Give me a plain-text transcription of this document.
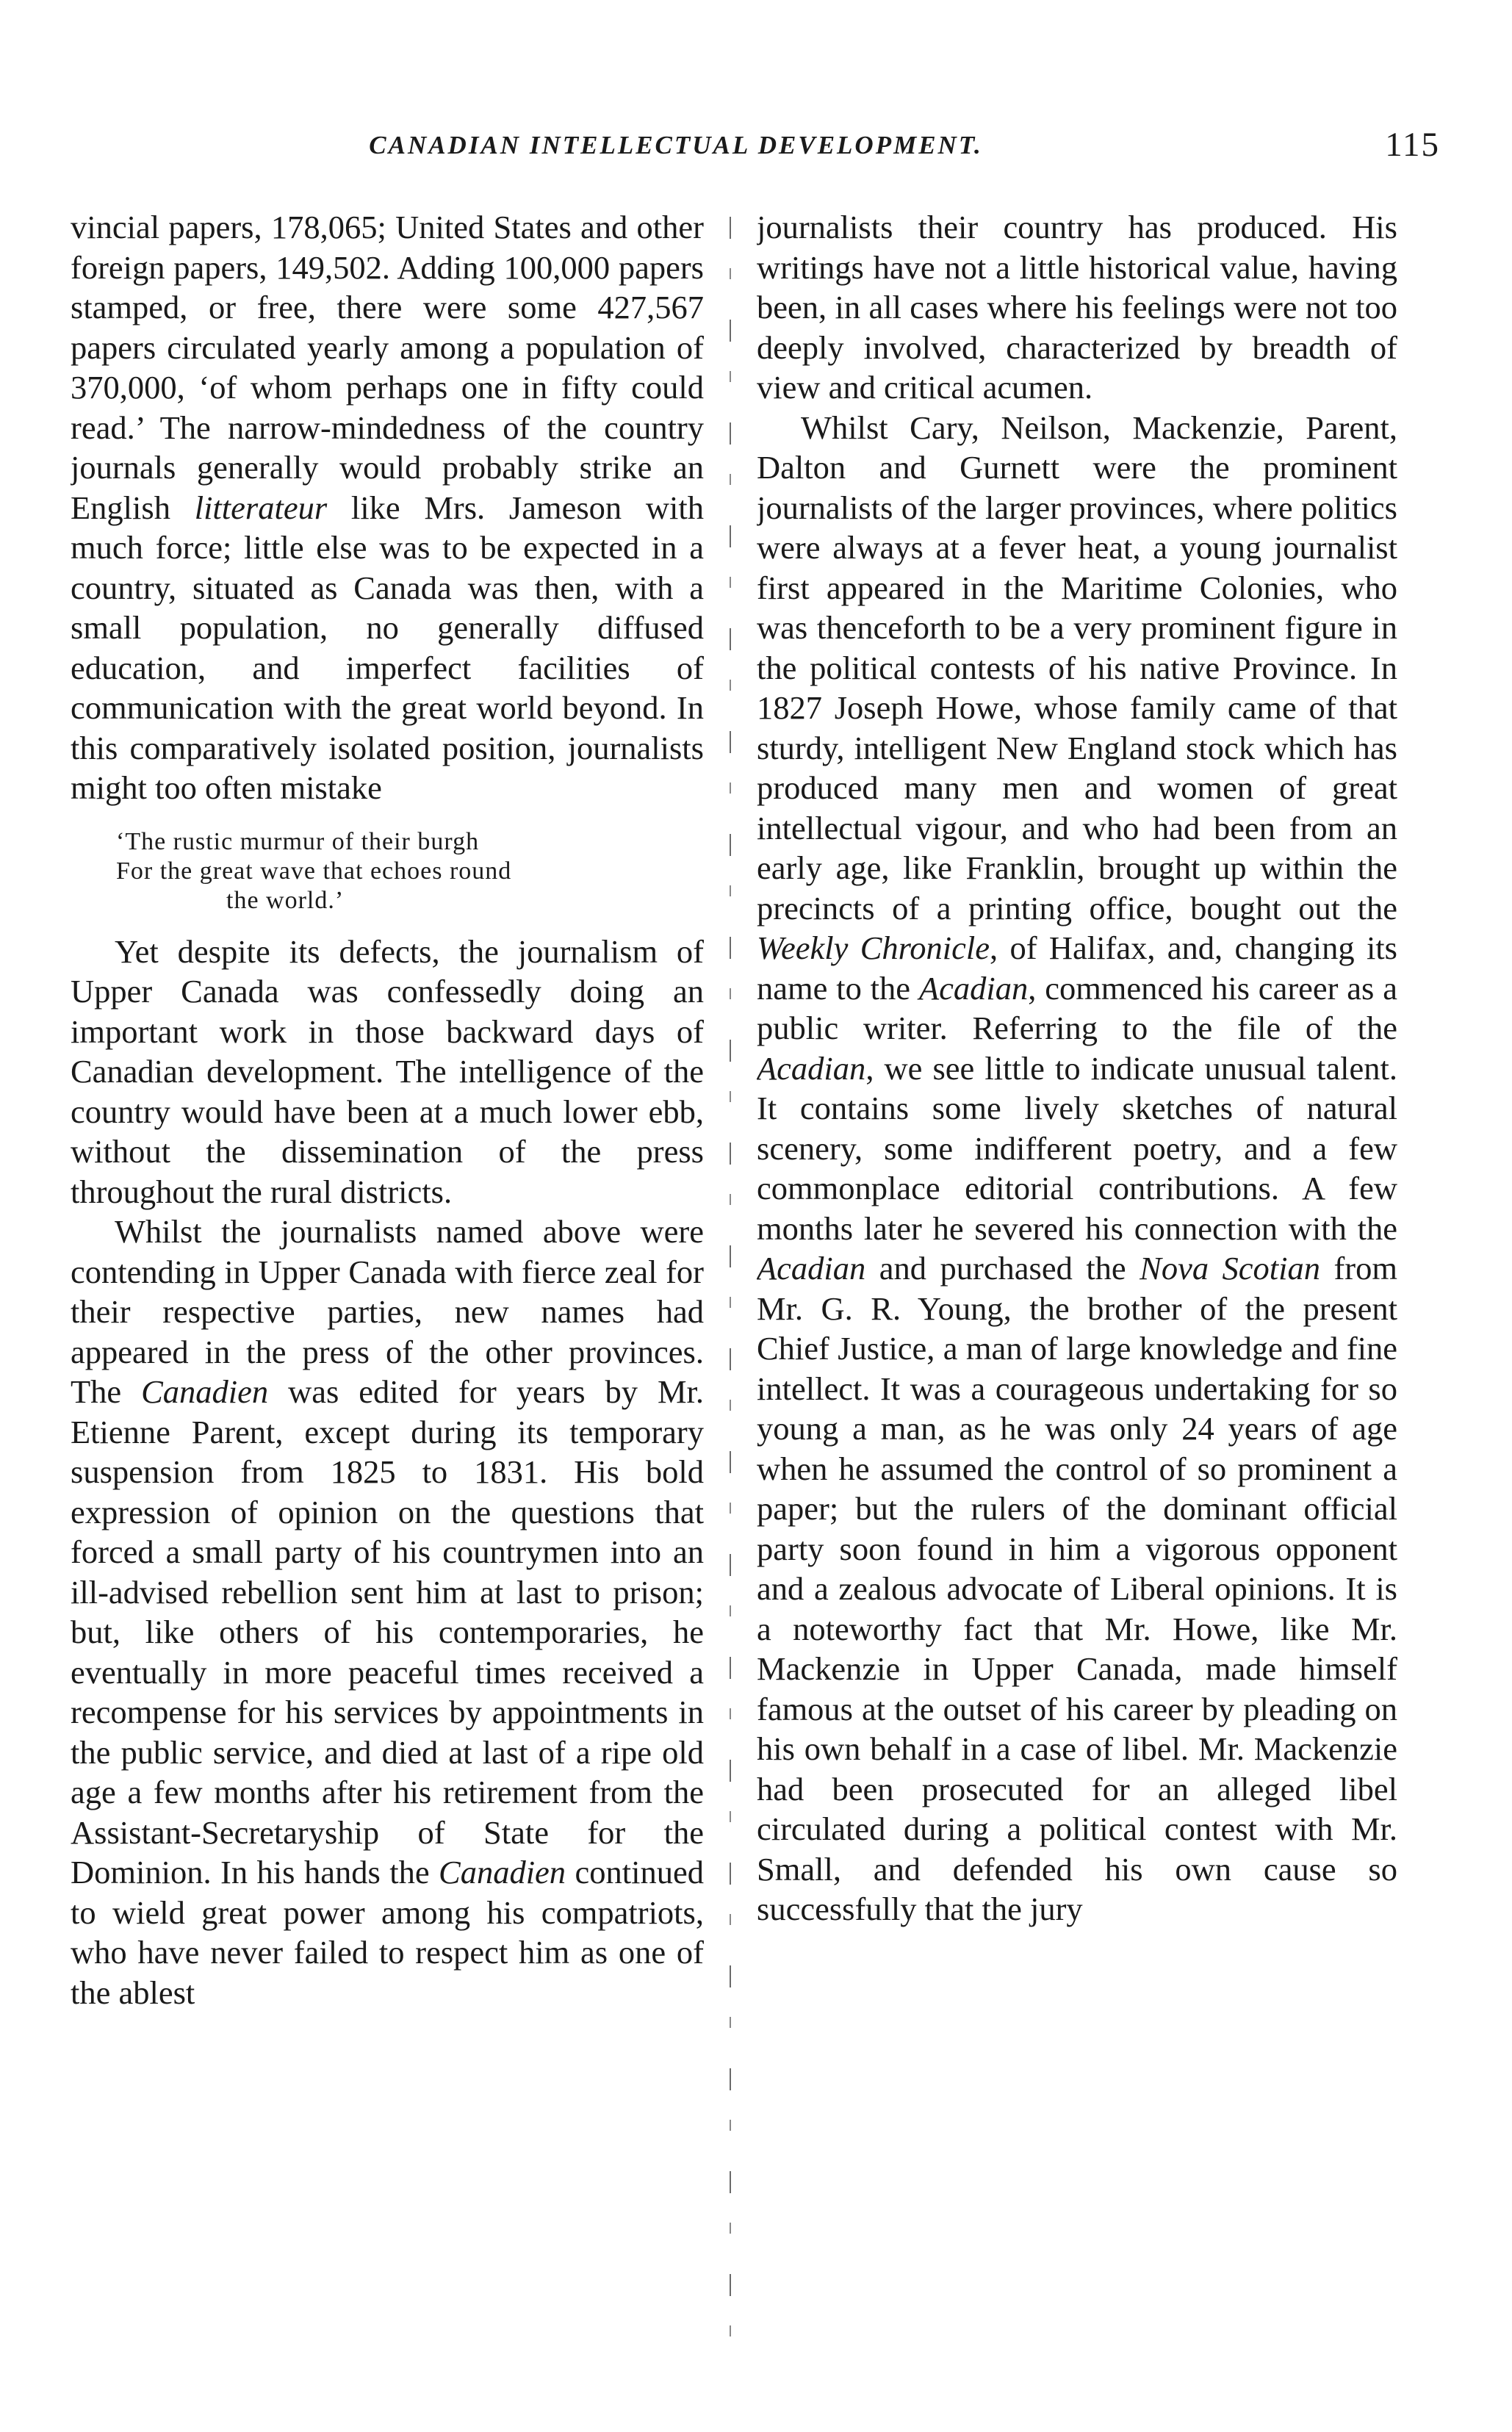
CANADIAN INTELLECTUAL DEVELOPMENT.	115

vincial papers, 178,065; United States and other foreign papers, 149,502. Adding 100,000 papers stamped, or free, there were some 427,567 papers circulated yearly among a population of 370,000, ‘of whom perhaps one in fifty could read.’ The narrow-mindedness of the country journals generally would probably strike an English litterateur like Mrs. Jameson with much force; little else was to be expected in a country, situated as Canada was then, with a small population, no generally diffused education, and imperfect facilities of communication with the great world beyond. In this comparatively isolated position, journalists might too often mistake

‘The rustic murmur of their burgh
For the great wave that echoes round
the world.’

Yet despite its defects, the journalism of Upper Canada was confessedly doing an important work in those backward days of Canadian development. The intelligence of the country would have been at a much lower ebb, without the dissemination of the press throughout the rural districts.

Whilst the journalists named above were contending in Upper Canada with fierce zeal for their respective parties, new names had appeared in the press of the other provinces. The Canadien was edited for years by Mr. Etienne Parent, except during its temporary suspension from 1825 to 1831. His bold expression of opinion on the questions that forced a small party of his countrymen into an ill-advised rebellion sent him at last to prison; but, like others of his contemporaries, he eventually in more peaceful times received a recompense for his services by appointments in the public service, and died at last of a ripe old age a few months after his retirement from the Assistant-Secretaryship of State for the Dominion. In his hands the Canadien continued to wield great power among his compatriots, who have never failed to respect him as one of the ablest

journalists their country has produced. His writings have not a little historical value, having been, in all cases where his feelings were not too deeply involved, characterized by breadth of view and critical acumen.

Whilst Cary, Neilson, Mackenzie, Parent, Dalton and Gurnett were the prominent journalists of the larger provinces, where politics were always at a fever heat, a young journalist first appeared in the Maritime Colonies, who was thenceforth to be a very prominent figure in the political contests of his native Province. In 1827 Joseph Howe, whose family came of that sturdy, intelligent New England stock which has produced many men and women of great intellectual vigour, and who had been from an early age, like Franklin, brought up within the precincts of a printing office, bought out the Weekly Chronicle, of Halifax, and, changing its name to the Acadian, commenced his career as a public writer. Referring to the file of the Acadian, we see little to indicate unusual talent. It contains some lively sketches of natural scenery, some indifferent poetry, and a few commonplace editorial contributions. A few months later he severed his connection with the Acadian and purchased the Nova Scotian from Mr. G. R. Young, the brother of the present Chief Justice, a man of large knowledge and fine intellect. It was a courageous undertaking for so young a man, as he was only 24 years of age when he assumed the control of so prominent a paper; but the rulers of the dominant official party soon found in him a vigorous opponent and a zealous advocate of Liberal opinions. It is a noteworthy fact that Mr. Howe, like Mr. Mackenzie in Upper Canada, made himself famous at the outset of his career by pleading on his own behalf in a case of libel. Mr. Mackenzie had been prosecuted for an alleged libel circulated during a political contest with Mr. Small, and defended his own cause so successfully that the jury
